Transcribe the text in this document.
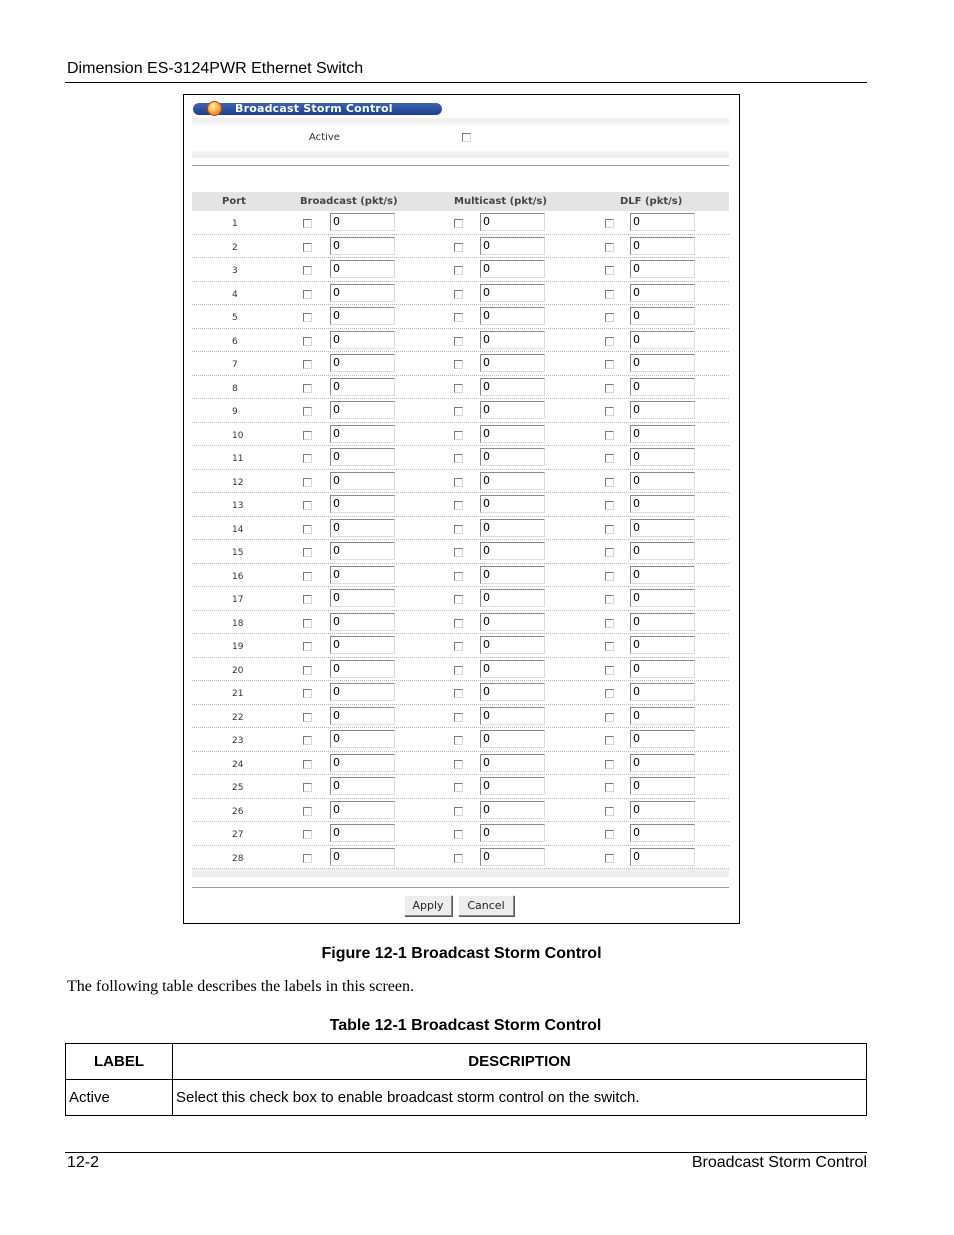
Dimension ES-3124PWR Ethernet Switch
Broadcast Storm Control
Active
Port	Broadcast (pkt/s)	Multicast (pkt/s)	DLF (pkt/s)
1	0	0	0
2	0	0	0
3	0	0	0
4	0	0	0
5	0	0	0
6	0	0	0
7	0	0	0
8	0	0	0
9	0	0	0
10	0	0	0
11	0	0	0
12	0	0	0
13	0	0	0
14	0	0	0
15	0	0	0
16	0	0	0
17	0	0	0
18	0	0	0
19	0	0	0
20	0	0	0
21	0	0	0
22	0	0	0
23	0	0	0
24	0	0	0
25	0	0	0
26	0	0	0
27	0	0	0
28	0	0	0
Apply	Cancel
Figure 12-1 Broadcast Storm Control
The following table describes the labels in this screen.
Table 12-1 Broadcast Storm Control
LABEL	DESCRIPTION
Active	Select this check box to enable broadcast storm control on the switch.
12-2	Broadcast Storm Control
